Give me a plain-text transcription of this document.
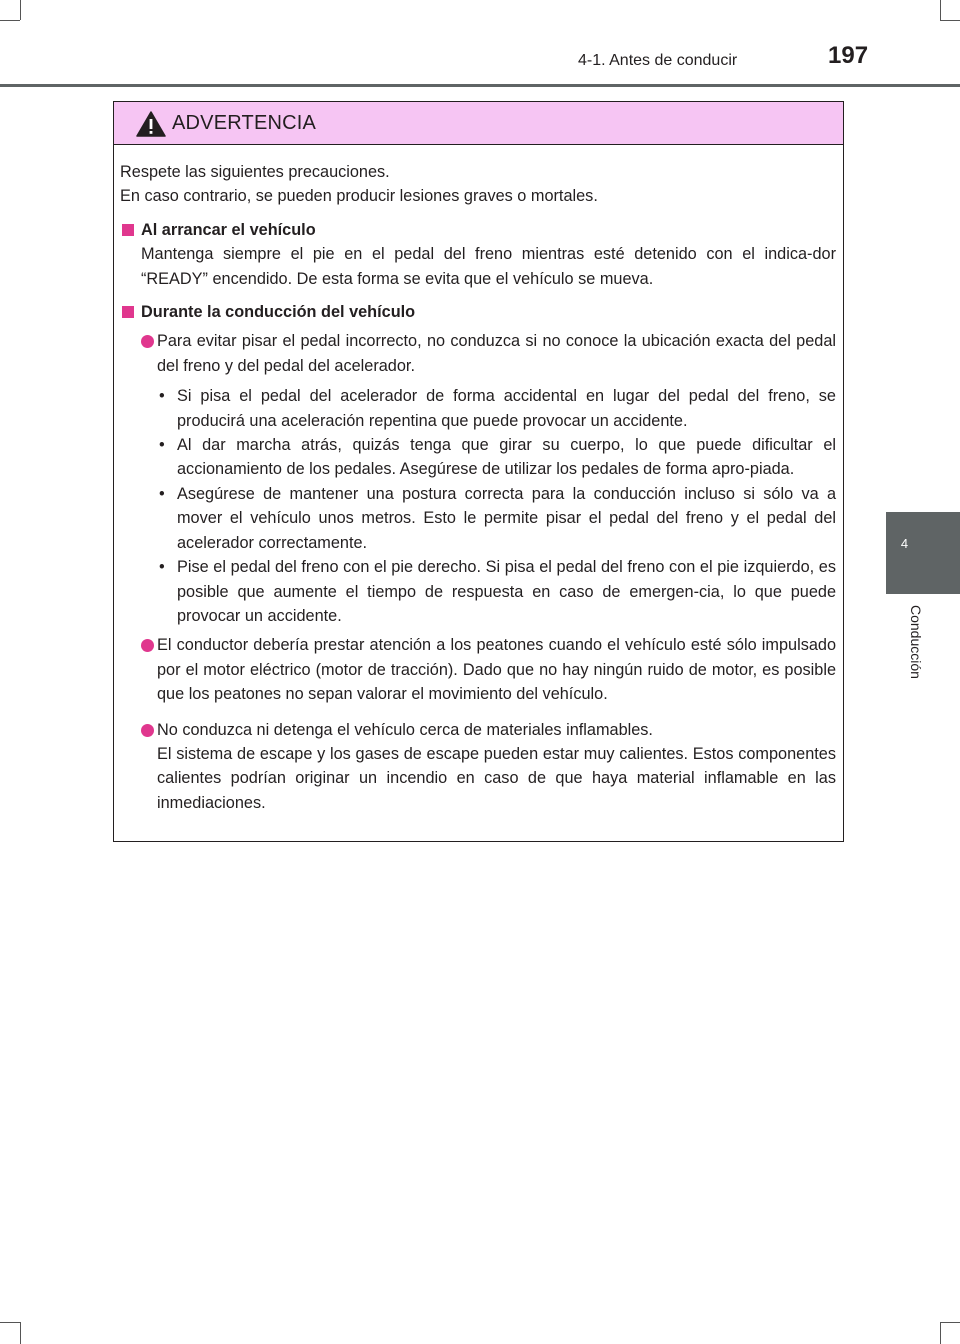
4-1. Antes de conducir	197
4
Conducción
ADVERTENCIA
Respete las siguientes precauciones.
En caso contrario, se pueden producir lesiones graves o mortales.
Al arrancar el vehículo
Mantenga siempre el pie en el pedal del freno mientras esté detenido con el indica-dor “READY” encendido. De esta forma se evita que el vehículo se mueva.
Durante la conducción del vehículo
Para evitar pisar el pedal incorrecto, no conduzca si no conoce la ubicación exacta del pedal del freno y del pedal del acelerador.
• Si pisa el pedal del acelerador de forma accidental en lugar del pedal del freno, se producirá una aceleración repentina que puede provocar un accidente.
• Al dar marcha atrás, quizás tenga que girar su cuerpo, lo que puede dificultar el accionamiento de los pedales. Asegúrese de utilizar los pedales de forma apro-piada.
• Asegúrese de mantener una postura correcta para la conducción incluso si sólo va a mover el vehículo unos metros. Esto le permite pisar el pedal del freno y el pedal del acelerador correctamente.
• Pise el pedal del freno con el pie derecho. Si pisa el pedal del freno con el pie izquierdo, es posible que aumente el tiempo de respuesta en caso de emergen-cia, lo que puede provocar un accidente.
El conductor debería prestar atención a los peatones cuando el vehículo esté sólo impulsado por el motor eléctrico (motor de tracción). Dado que no hay ningún ruido de motor, es posible que los peatones no sepan valorar el movimiento del vehículo.
No conduzca ni detenga el vehículo cerca de materiales inflamables.
El sistema de escape y los gases de escape pueden estar muy calientes. Estos componentes calientes podrían originar un incendio en caso de que haya material inflamable en las inmediaciones.
